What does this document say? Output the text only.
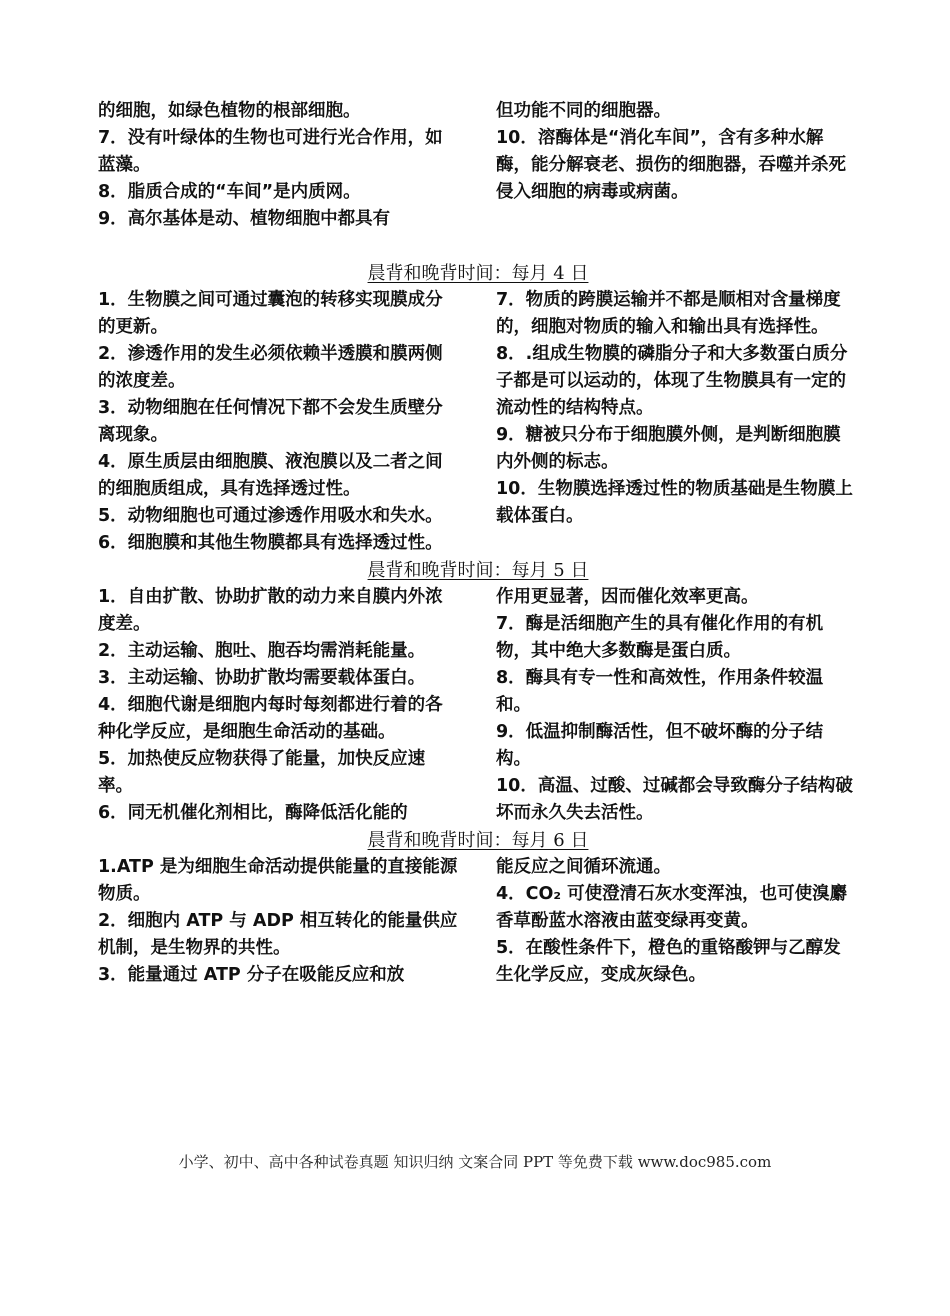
的细胞，如绿色植物的根部细胞。

7．没有叶绿体的生物也可进行光合作用，如蓝藻。

8．脂质合成的“车间”是内质网。

9．高尔基体是动、植物细胞中都具有

但功能不同的细胞器。

10．溶酶体是“消化车间”，含有多种水解酶，能分解衰老、损伤的细胞器，吞噬并杀死侵入细胞的病毒或病菌。

晨背和晚背时间：每月 4 日

1．生物膜之间可通过囊泡的转移实现膜成分的更新。

2．渗透作用的发生必须依赖半透膜和膜两侧的浓度差。

3．动物细胞在任何情况下都不会发生质壁分离现象。

4．原生质层由细胞膜、液泡膜以及二者之间的细胞质组成，具有选择透过性。

5．动物细胞也可通过渗透作用吸水和失水。

6．细胞膜和其他生物膜都具有选择透过性。

7．物质的跨膜运输并不都是顺相对含量梯度的，细胞对物质的输入和输出具有选择性。

8．.组成生物膜的磷脂分子和大多数蛋白质分子都是可以运动的，体现了生物膜具有一定的流动性的结构特点。

9．糖被只分布于细胞膜外侧，是判断细胞膜内外侧的标志。

10．生物膜选择透过性的物质基础是生物膜上载体蛋白。

晨背和晚背时间：每月 5 日

1．自由扩散、协助扩散的动力来自膜内外浓度差。

2．主动运输、胞吐、胞吞均需消耗能量。

3．主动运输、协助扩散均需要载体蛋白。

4．细胞代谢是细胞内每时每刻都进行着的各种化学反应，是细胞生命活动的基础。

5．加热使反应物获得了能量，加快反应速率。

6．同无机催化剂相比，酶降低活化能的

作用更显著，因而催化效率更高。

7．酶是活细胞产生的具有催化作用的有机物，其中绝大多数酶是蛋白质。

8．酶具有专一性和高效性，作用条件较温和。

9．低温抑制酶活性，但不破坏酶的分子结构。

10．高温、过酸、过碱都会导致酶分子结构破坏而永久失去活性。

晨背和晚背时间：每月 6 日

1.ATP 是为细胞生命活动提供能量的直接能源物质。

2．细胞内 ATP 与 ADP 相互转化的能量供应机制，是生物界的共性。

3．能量通过 ATP 分子在吸能反应和放

能反应之间循环流通。

4．CO₂ 可使澄清石灰水变浑浊，也可使溴麝香草酚蓝水溶液由蓝变绿再变黄。

5．在酸性条件下，橙色的重铬酸钾与乙醇发生化学反应，变成灰绿色。

小学、初中、高中各种试卷真题 知识归纳 文案合同 PPT 等免费下载 www.doc985.com
